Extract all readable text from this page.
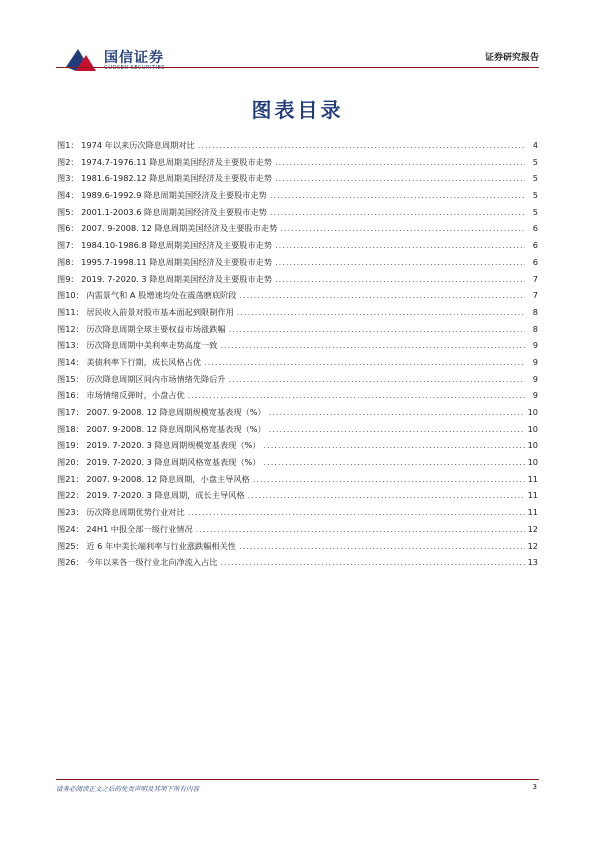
国信证券
GUOSEN SECURITIES
证券研究报告
图表目录
图1： 1974 年以来历次降息周期对比 .....	4
图2： 1974.7-1976.11 降息周期美国经济及主要股市走势 .....	5
图3： 1981.6-1982.12 降息周期美国经济及主要股市走势 .....	5
图4： 1989.6-1992.9 降息周期美国经济及主要股市走势 .....	5
图5： 2001.1-2003.6 降息周期美国经济及主要股市走势 .....	5
图6： 2007. 9-2008. 12 降息周期美国经济及主要股市走势 .....	6
图7： 1984.10-1986.8 降息周期美国经济及主要股市走势 .....	6
图8： 1995.7-1998.11 降息周期美国经济及主要股市走势 .....	6
图9： 2019. 7-2020. 3 降息周期美国经济及主要股市走势 .....	7
图10： 内需景气和 A 股增速均处在震荡磨底阶段 .....	7
图11： 居民收入前景对股市基本面起到限制作用 .....	8
图12： 历次降息周期全球主要权益市场涨跌幅 .....	8
图13： 历次降息周期中美利率走势高度一致 .....	9
图14： 美债利率下行期，成长风格占优 .....	9
图15： 历次降息周期区间内市场情绪先降后升 .....	9
图16： 市场情绪反弹时，小盘占优 .....	9
图17： 2007. 9-2008. 12 降息周期规模宽基表现（%） .....	10
图18： 2007. 9-2008. 12 降息周期风格宽基表现（%） .....	10
图19： 2019. 7-2020. 3 降息周期规模宽基表现（%） .....	10
图20： 2019. 7-2020. 3 降息周期风格宽基表现（%） .....	10
图21： 2007. 9-2008. 12 降息周期，小盘主导风格 .....	11
图22： 2019. 7-2020. 3 降息周期，成长主导风格 .....	11
图23： 历次降息周期优势行业对比 .....	11
图24： 24H1 中报全部一级行业情况 .....	12
图25： 近 6 年中美长端利率与行业涨跌幅相关性 .....	12
图26： 今年以来各一级行业北向净流入占比 .....	13
请务必阅读正文之后的免责声明及其项下所有内容	3
